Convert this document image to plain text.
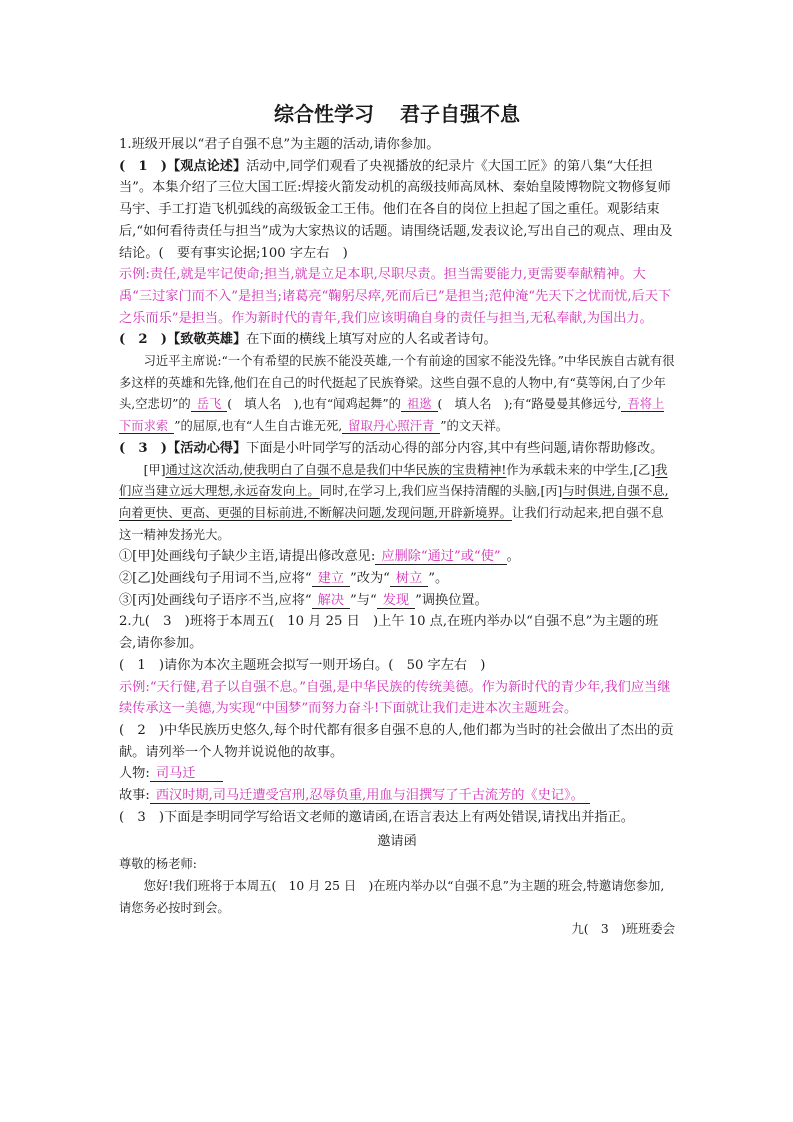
综合性学习 君子自强不息

1.班级开展以“君子自强不息”为主题的活动,请你参加。

(　1　)【观点论述】活动中,同学们观看了央视播放的纪录片《大国工匠》的第八集“大任担当”。本集介绍了三位大国工匠:焊接火箭发动机的高级技师高凤林、秦始皇陵博物院文物修复师马宇、手工打造飞机弧线的高级钣金工王伟。他们在各自的岗位上担起了国之重任。观影结束后,“如何看待责任与担当”成为大家热议的话题。请围绕话题,发表议论,写出自己的观点、理由及结论。(　要有事实论据;100 字左右　)

示例:责任,就是牢记使命;担当,就是立足本职,尽职尽责。担当需要能力,更需要奉献精神。大禹“三过家门而不入”是担当;诸葛亮“鞠躬尽瘁,死而后已”是担当;范仲淹“先天下之忧而忧,后天下之乐而乐”是担当。作为新时代的青年,我们应该明确自身的责任与担当,无私奉献,为国出力。

(　2　)【致敬英雄】在下面的横线上填写对应的人名或者诗句。

习近平主席说:“一个有希望的民族不能没英雄,一个有前途的国家不能没先锋。”中华民族自古就有很多这样的英雄和先锋,他们在自己的时代挺起了民族脊梁。这些自强不息的人物中,有“莫等闲,白了少年头,空悲切”的 岳飞 (　填人名　),也有“闻鸡起舞”的 祖逖 (　填人名　);有“路曼曼其修远兮, 吾将上下而求索 ”的屈原,也有“人生自古谁无死, 留取丹心照汗青 ”的文天祥。

(　3　)【活动心得】下面是小叶同学写的活动心得的部分内容,其中有些问题,请你帮助修改。

[甲]通过这次活动,使我明白了自强不息是我们中华民族的宝贵精神!作为承载未来的中学生,[乙]我们应当建立远大理想,永远奋发向上。同时,在学习上,我们应当保持清醒的头脑,[丙]与时俱进,自强不息,向着更快、更高、更强的目标前进,不断解决问题,发现问题,开辟新境界。让我们行动起来,把自强不息这一精神发扬光大。

①[甲]处画线句子缺少主语,请提出修改意见: 应删除“通过”或“使” 。

②[乙]处画线句子用词不当,应将“ 建立 ”改为“ 树立 ”。

③[丙]处画线句子语序不当,应将“ 解决 ”与“ 发现 ”调换位置。

2.九(　3　)班将于本周五(　10 月 25 日　)上午 10 点,在班内举办以“自强不息”为主题的班会,请你参加。

(　1　)请你为本次主题班会拟写一则开场白。(　50 字左右　)

示例:“天行健,君子以自强不息。”自强,是中华民族的传统美德。作为新时代的青少年,我们应当继续传承这一美德,为实现“中国梦”而努力奋斗!下面就让我们走进本次主题班会。

(　2　)中华民族历史悠久,每个时代都有很多自强不息的人,他们都为当时的社会做出了杰出的贡献。请列举一个人物并说说他的故事。

人物: 司马迁

故事: 西汉时期,司马迁遭受宫刑,忍辱负重,用血与泪撰写了千古流芳的《史记》。

(　3　)下面是李明同学写给语文老师的邀请函,在语言表达上有两处错误,请找出并指正。

邀请函

尊敬的杨老师:

您好!我们班将于本周五(　10 月 25 日　)在班内举办以“自强不息”为主题的班会,特邀请您参加,请您务必按时到会。

九(　3　)班班委会
